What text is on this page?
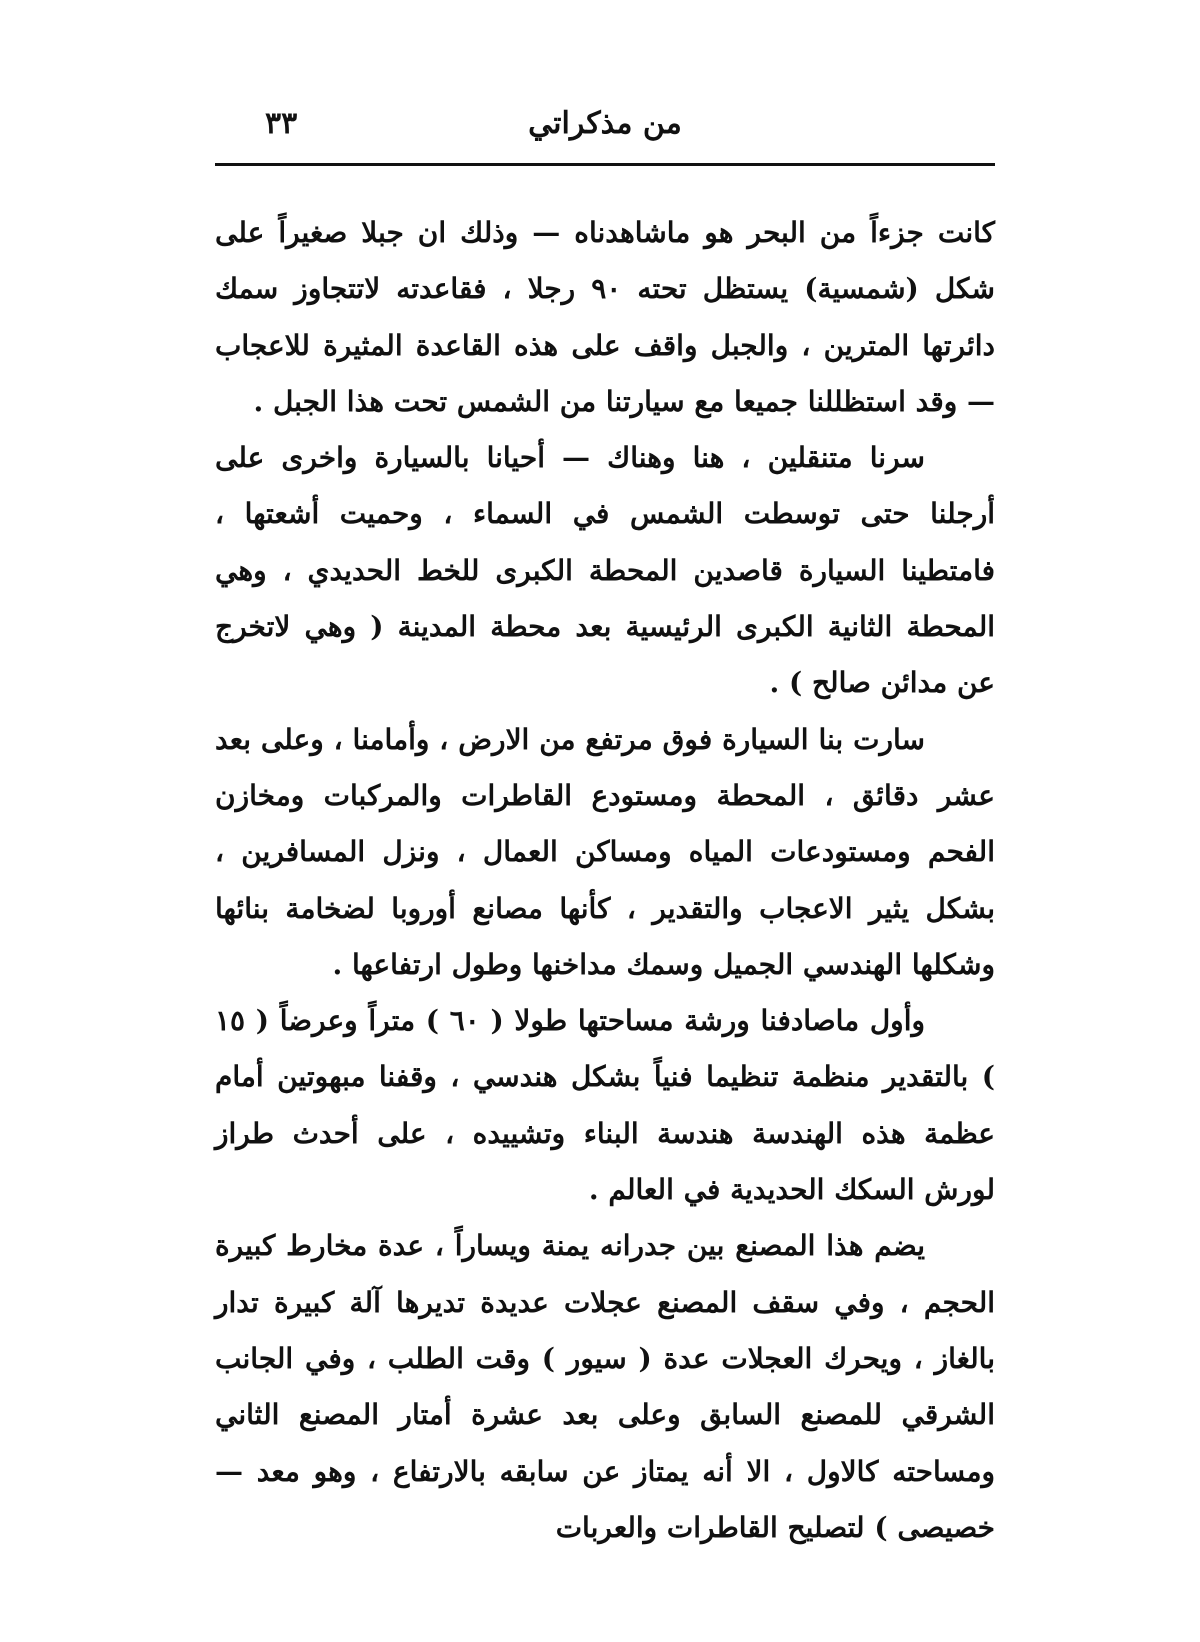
من مذكراتي
٣٣

كانت جزءاً من البحر هو ماشاهدناه — وذلك ان جبلا صغيراً على شكل (شمسية) يستظل تحته ٩٠ رجلا ، فقاعدته لاتتجاوز سمك دائرتها المترين ، والجبل واقف على هذه القاعدة المثيرة للاعجاب — وقد استظللنا جميعا مع سيارتنا من الشمس تحت هذا الجبل .

سرنا متنقلين ، هنا وهناك — أحيانا بالسيارة واخرى على أرجلنا حتى توسطت الشمس في السماء ، وحميت أشعتها ، فامتطينا السيارة قاصدين المحطة الكبرى للخط الحديدي ، وهي المحطة الثانية الكبرى الرئيسية بعد محطة المدينة ( وهي لاتخرج عن مدائن صالح ) .

سارت بنا السيارة فوق مرتفع من الارض ، وأمامنا ، وعلى بعد عشر دقائق ، المحطة ومستودع القاطرات والمركبات ومخازن الفحم ومستودعات المياه ومساكن العمال ، ونزل المسافرين ، بشكل يثير الاعجاب والتقدير ، كأنها مصانع أوروبا لضخامة بنائها وشكلها الهندسي الجميل وسمك مداخنها وطول ارتفاعها .

وأول ماصادفنا ورشة مساحتها طولا ( ٦٠ ) متراً وعرضاً ( ١٥ ) بالتقدير منظمة تنظيما فنياً بشكل هندسي ، وقفنا مبهوتين أمام عظمة هذه الهندسة هندسة البناء وتشييده ، على أحدث طراز لورش السكك الحديدية في العالم .

يضم هذا المصنع بين جدرانه يمنة ويساراً ، عدة مخارط كبيرة الحجم ، وفي سقف المصنع عجلات عديدة تديرها آلة كبيرة تدار بالغاز ، ويحرك العجلات عدة ( سيور ) وقت الطلب ، وفي الجانب الشرقي للمصنع السابق وعلى بعد عشرة أمتار المصنع الثاني ومساحته كالاول ، الا أنه يمتاز عن سابقه بالارتفاع ، وهو معد — خصيصى ) لتصليح القاطرات والعربات
